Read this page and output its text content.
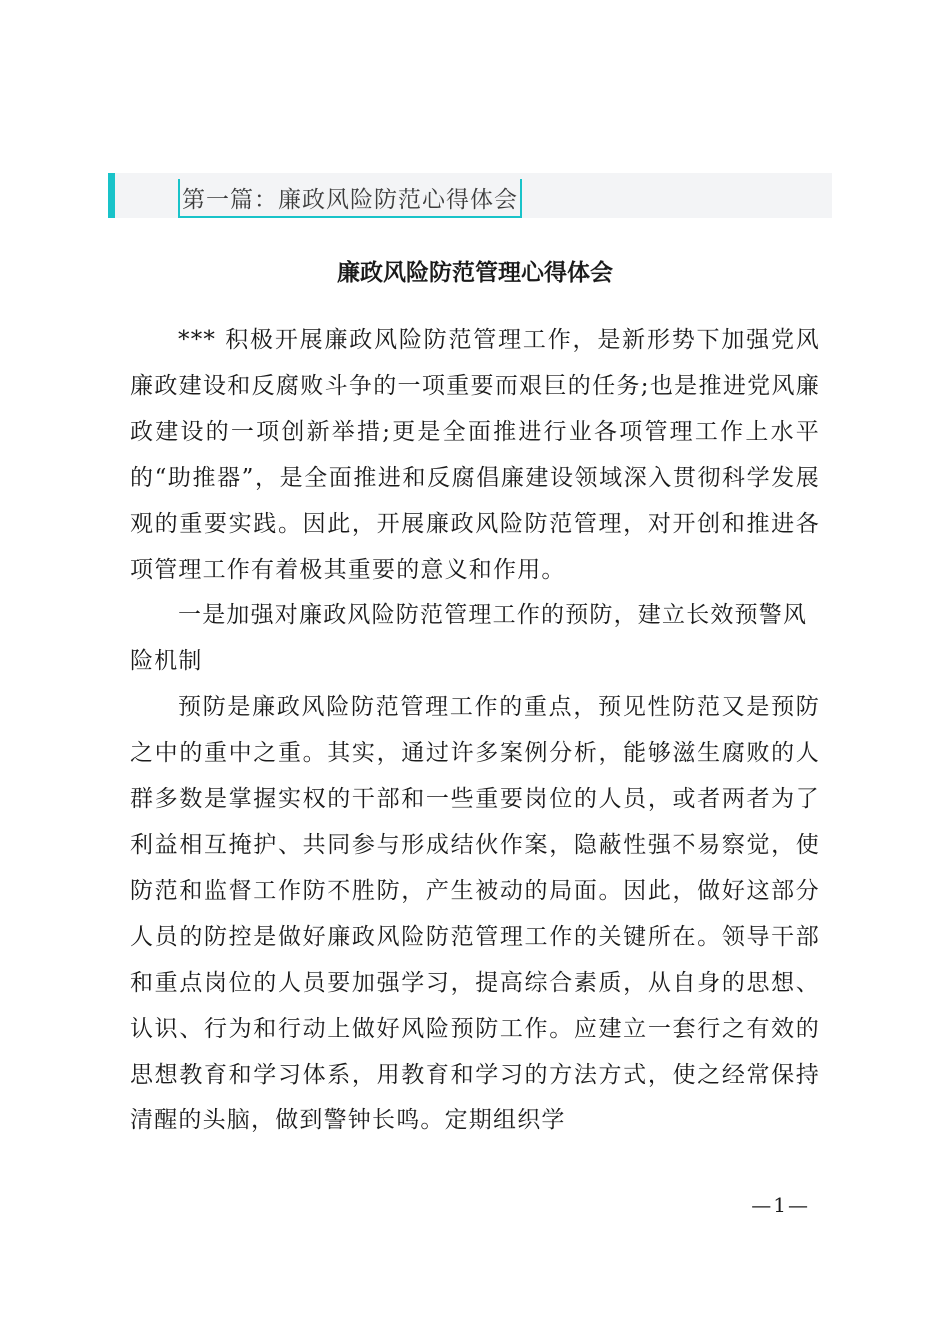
第一篇：廉政风险防范心得体会
廉政风险防范管理心得体会

*** 积极开展廉政风险防范管理工作，是新形势下加强党风廉政建设和反腐败斗争的一项重要而艰巨的任务;也是推进党风廉政建设的一项创新举措;更是全面推进行业各项管理工作上水平的“助推器”，是全面推进和反腐倡廉建设领域深入贯彻科学发展观的重要实践。因此，开展廉政风险防范管理，对开创和推进各项管理工作有着极其重要的意义和作用。

一是加强对廉政风险防范管理工作的预防，建立长效预警风险机制

预防是廉政风险防范管理工作的重点，预见性防范又是预防之中的重中之重。其实，通过许多案例分析，能够滋生腐败的人群多数是掌握实权的干部和一些重要岗位的人员，或者两者为了利益相互掩护、共同参与形成结伙作案，隐蔽性强不易察觉，使防范和监督工作防不胜防，产生被动的局面。因此，做好这部分人员的防控是做好廉政风险防范管理工作的关键所在。领导干部和重点岗位的人员要加强学习，提高综合素质，从自身的思想、认识、行为和行动上做好风险预防工作。应建立一套行之有效的思想教育和学习体系，用教育和学习的方法方式，使之经常保持清醒的头脑，做到警钟长鸣。定期组织学

—1—
